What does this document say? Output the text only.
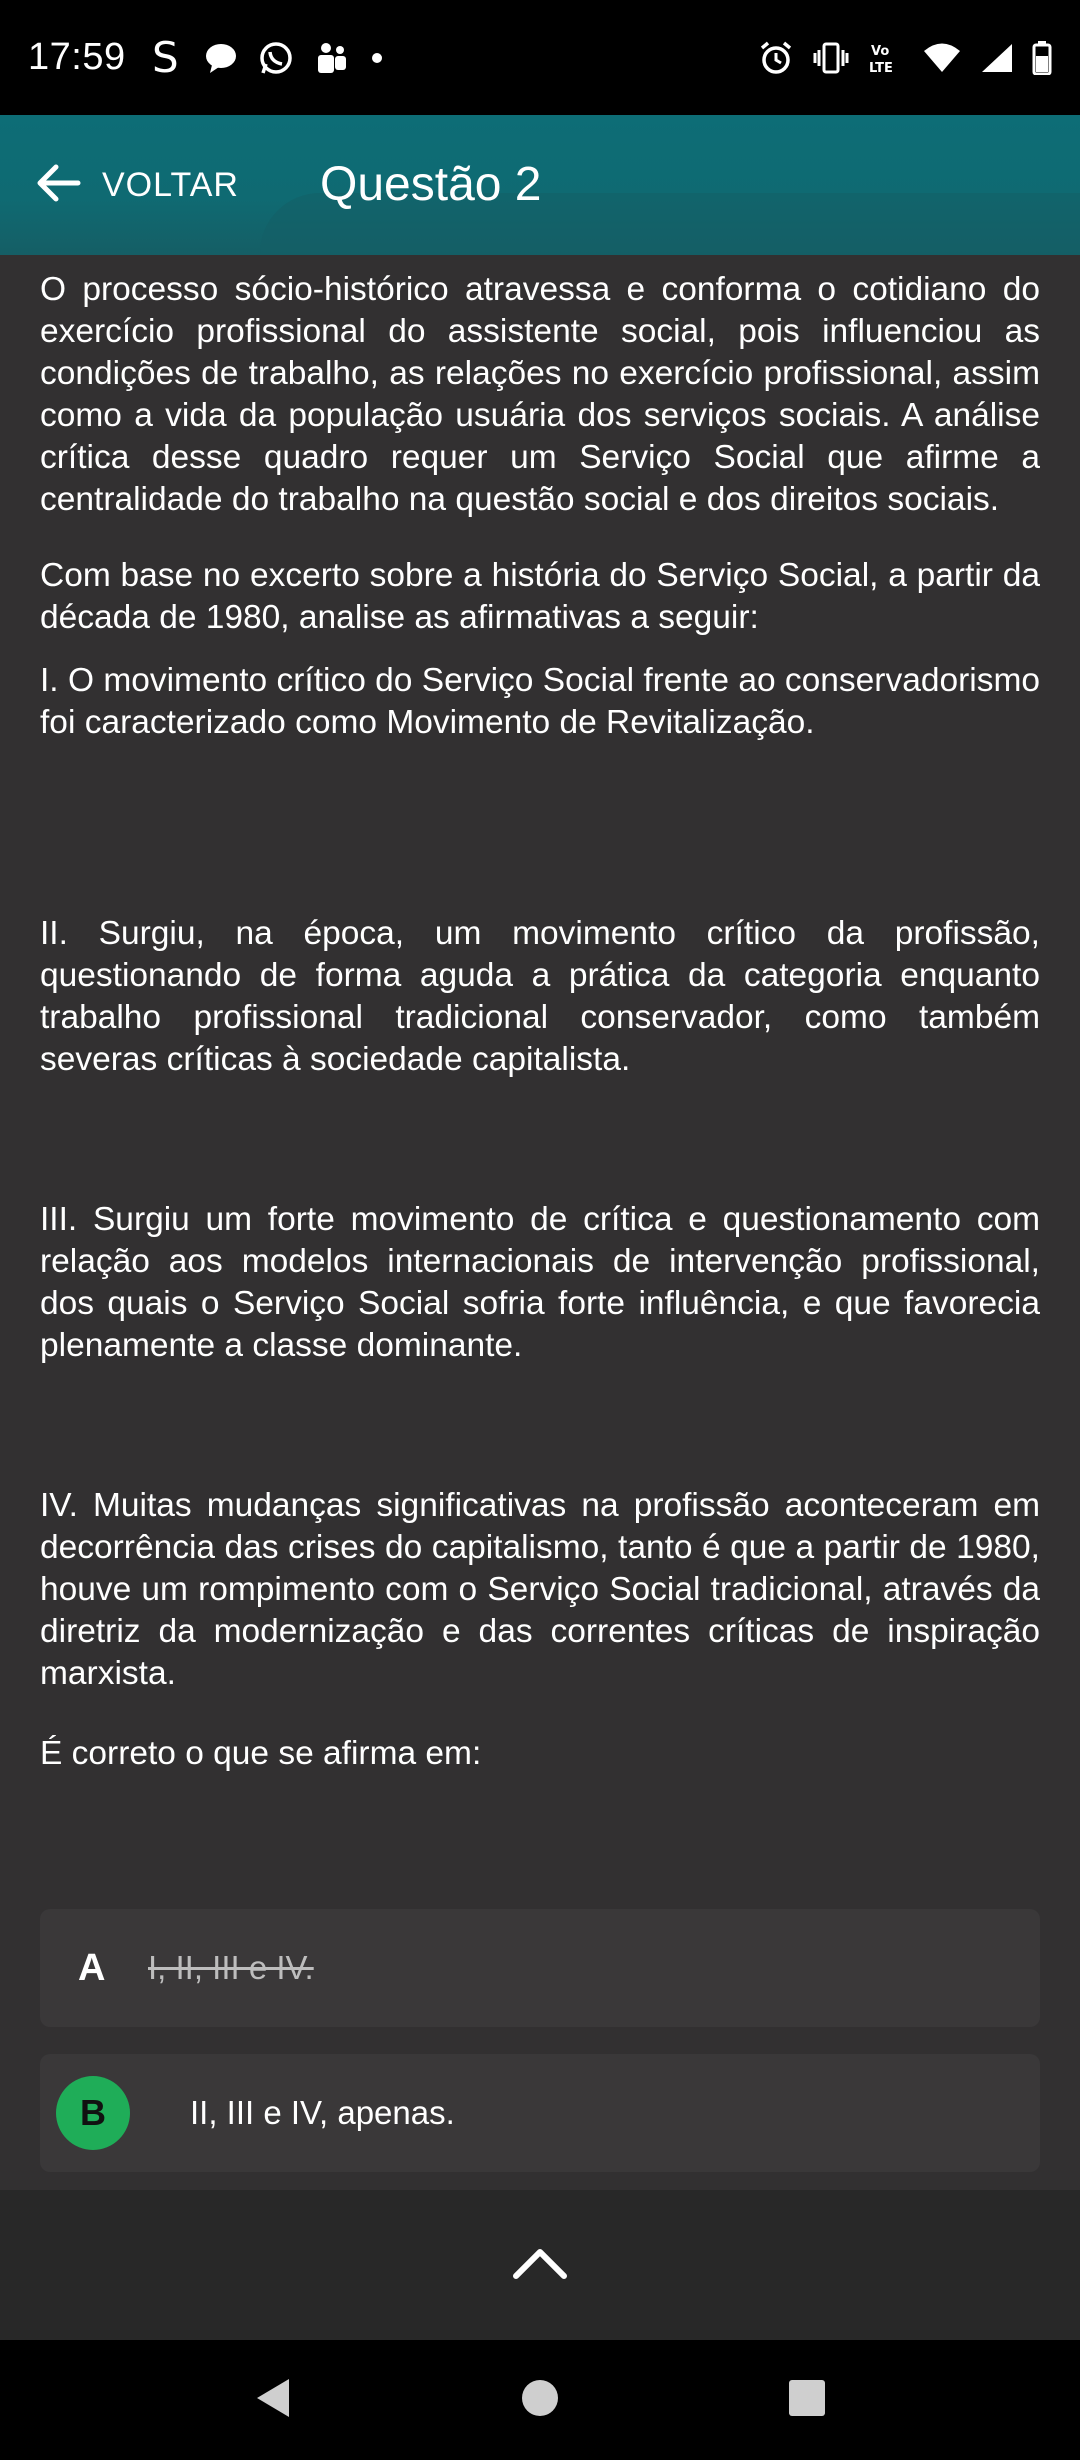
17:59 S	Vo
LTE
VOLTAR Questão 2

O processo sócio-histórico atravessa e conforma o cotidiano do exercício profissional do assistente social, pois influenciou as condições de trabalho, as relações no exercício profissional, assim como a vida da população usuária dos serviços sociais. A análise crítica desse quadro requer um Serviço Social que afirme a centralidade do trabalho na questão social e dos direitos sociais.

Com base no excerto sobre a história do Serviço Social, a partir da década de 1980, analise as afirmativas a seguir:

I. O movimento crítico do Serviço Social frente ao conservadorismo foi caracterizado como Movimento de Revitalização.

II. Surgiu, na época, um movimento crítico da profissão, questionando de forma aguda a prática da categoria enquanto trabalho profissional tradicional conservador, como também severas críticas à sociedade capitalista.

III. Surgiu um forte movimento de crítica e questionamento com relação aos modelos internacionais de intervenção profissional, dos quais o Serviço Social sofria forte influência, e que favorecia plenamente a classe dominante.

IV. Muitas mudanças significativas na profissão aconteceram em decorrência das crises do capitalismo, tanto é que a partir de 1980, houve um rompimento com o Serviço Social tradicional, através da diretriz da modernização e das correntes críticas de inspiração marxista.

É correto o que se afirma em:

A	I, II, III e IV.
B	II, III e IV, apenas.
